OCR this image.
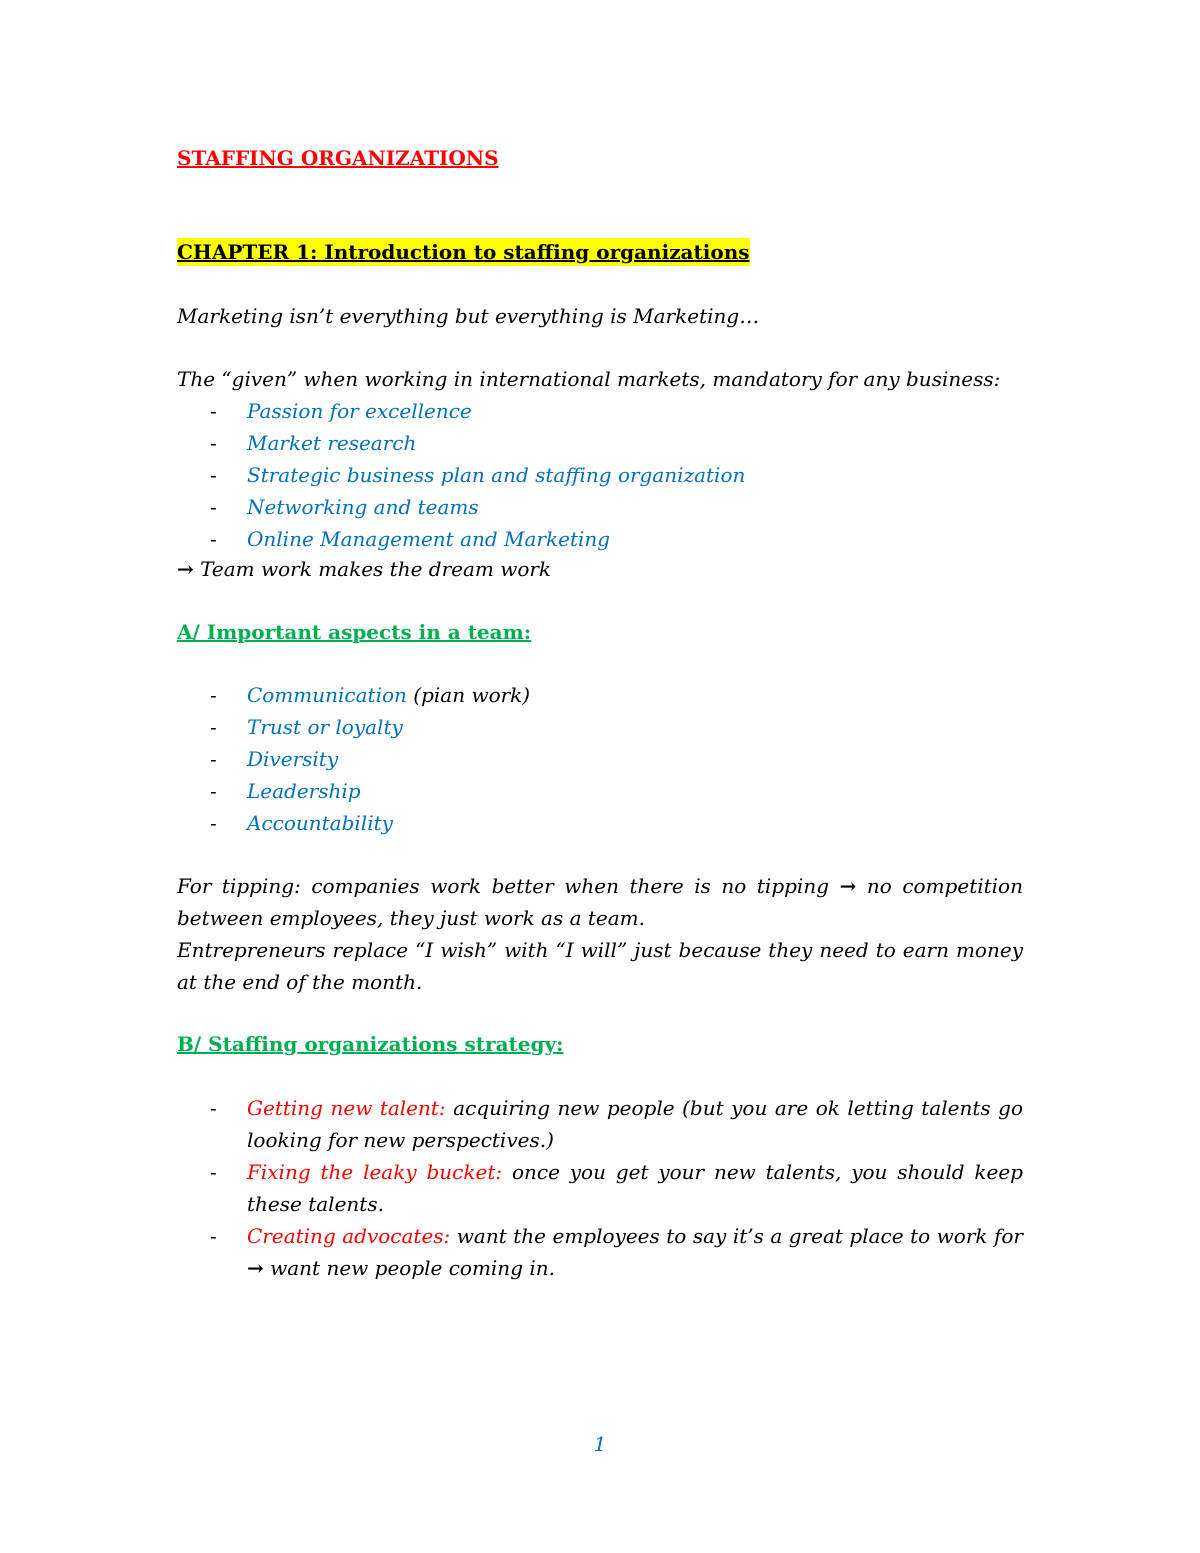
STAFFING ORGANIZATIONS

CHAPTER 1: Introduction to staffing organizations

Marketing isn’t everything but everything is Marketing…

The “given” when working in international markets, mandatory for any business:

- Passion for excellence
- Market research
- Strategic business plan and staffing organization
- Networking and teams
- Online Management and Marketing

→ Team work makes the dream work

A/ Important aspects in a team:

- Communication (pian work)
- Trust or loyalty
- Diversity
- Leadership
- Accountability

For tipping: companies work better when there is no tipping → no competition between employees, they just work as a team.

Entrepreneurs replace “I wish” with “I will” just because they need to earn money at the end of the month.

B/ Staffing organizations strategy:

- Getting new talent: acquiring new people (but you are ok letting talents go looking for new perspectives.)
- Fixing the leaky bucket: once you get your new talents, you should keep these talents.
- Creating advocates: want the employees to say it’s a great place to work for → want new people coming in.
1
